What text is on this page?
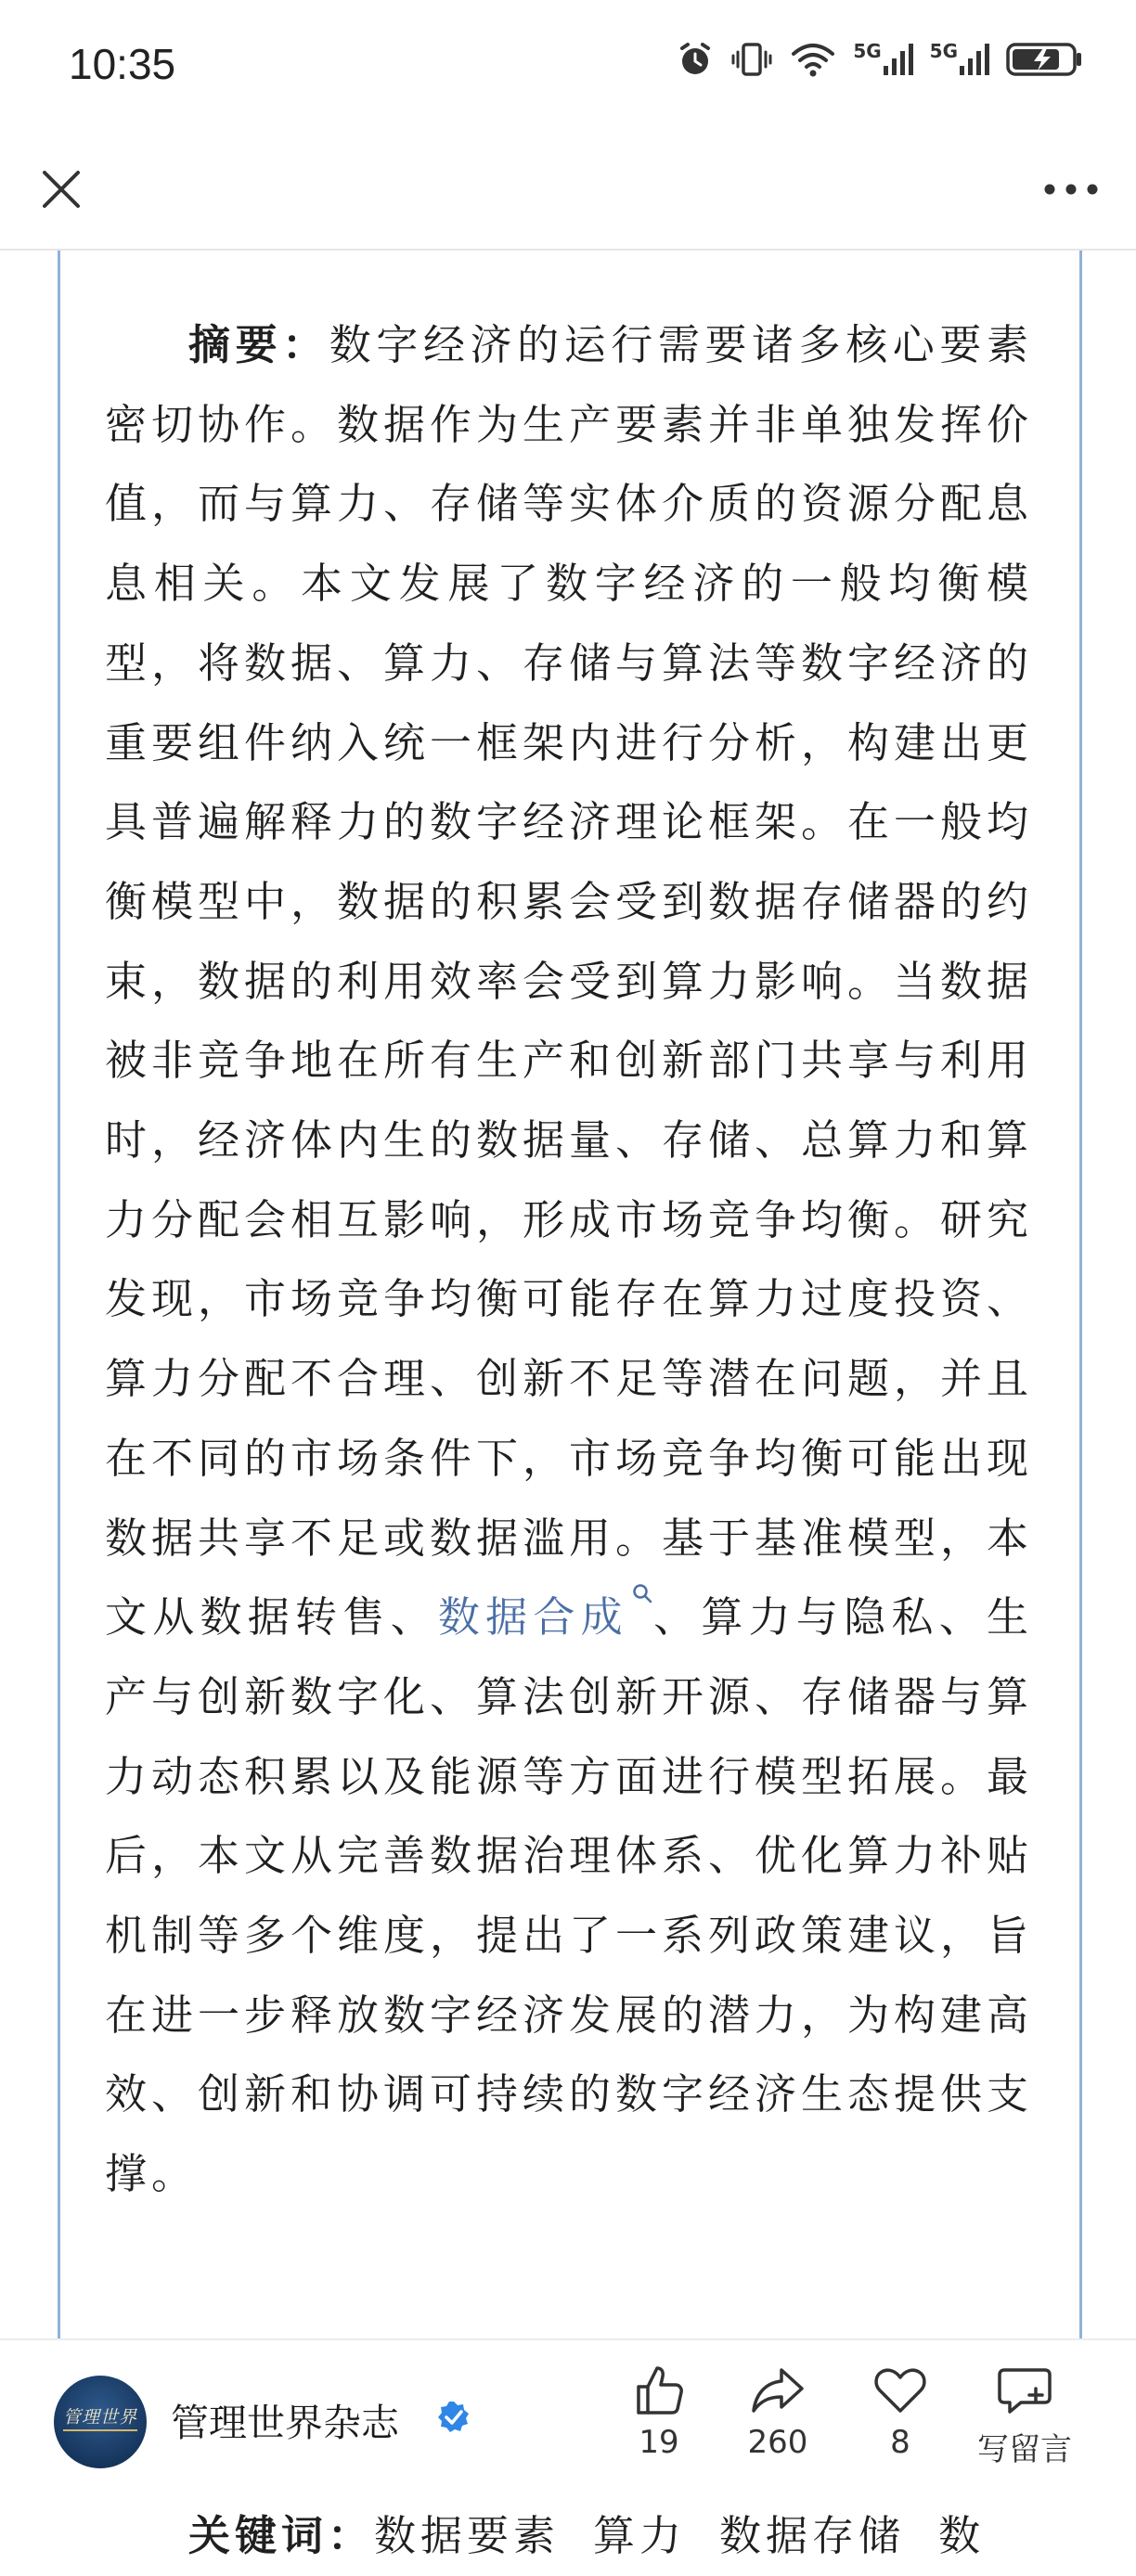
10:35	5G	5G

摘要：数字经济的运行需要诸多核心要素密切协作。数据作为生产要素并非单独发挥价值，而与算力、存储等实体介质的资源分配息息相关。本文发展了数字经济的一般均衡模型，将数据、算力、存储与算法等数字经济的重要组件纳入统一框架内进行分析，构建出更具普遍解释力的数字经济理论框架。在一般均衡模型中，数据的积累会受到数据存储器的约束，数据的利用效率会受到算力影响。当数据被非竞争地在所有生产和创新部门共享与利用时，经济体内生的数据量、存储、总算力和算力分配会相互影响，形成市场竞争均衡。研究发现，市场竞争均衡可能存在算力过度投资、算力分配不合理、创新不足等潜在问题，并且在不同的市场条件下，市场竞争均衡可能出现数据共享不足或数据滥用。基于基准模型，本文从数据转售、数据合成 、算力与隐私、生产与创新数字化、算法创新开源、存储器与算力动态积累以及能源等方面进行模型拓展。最后，本文从完善数据治理体系、优化算力补贴机制等多个维度，提出了一系列政策建议，旨在进一步释放数字经济发展的潜力，为构建高效、创新和协调可持续的数字经济生态提供支撑。

关键词：数据要素 算力 数据存储 数
管理世界 管理世界杂志	19	260	8	写留言
